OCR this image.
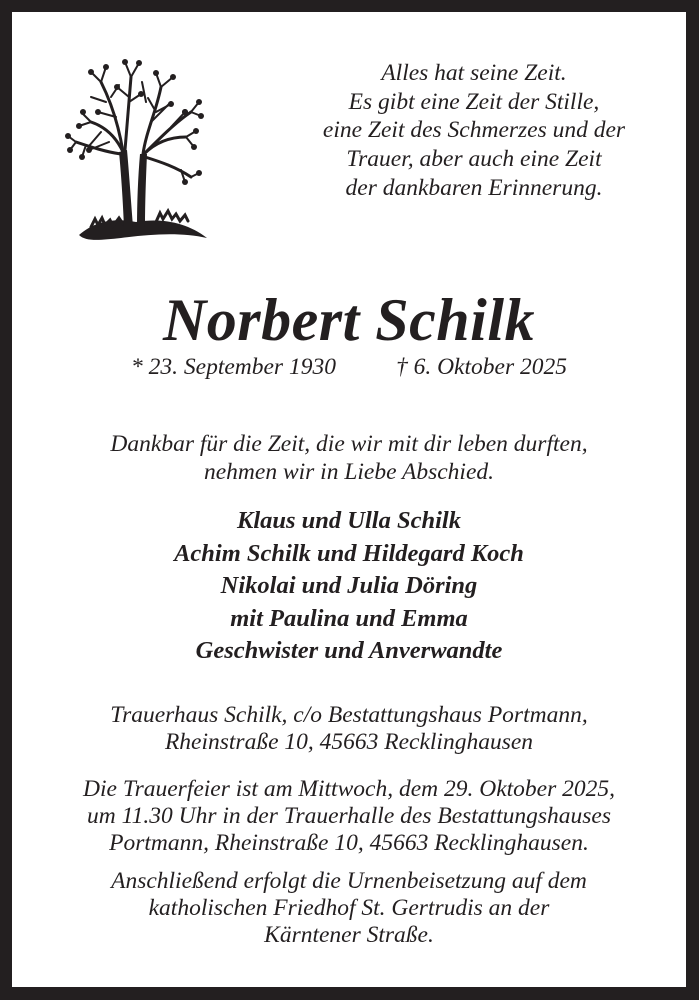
Alles hat seine Zeit.
Es gibt eine Zeit der Stille,
eine Zeit des Schmerzes und der
Trauer, aber auch eine Zeit
der dankbaren Erinnerung.
Norbert Schilk
* 23. September 1930	† 6. Oktober 2025
Dankbar für die Zeit, die wir mit dir leben durften,
nehmen wir in Liebe Abschied.
Klaus und Ulla Schilk
Achim Schilk und Hildegard Koch
Nikolai und Julia Döring
mit Paulina und Emma
Geschwister und Anverwandte
Trauerhaus Schilk, c/o Bestattungshaus Portmann,
Rheinstraße 10, 45663 Recklinghausen
Die Trauerfeier ist am Mittwoch, dem 29. Oktober 2025,
um 11.30 Uhr in der Trauerhalle des Bestattungshauses
Portmann, Rheinstraße 10, 45663 Recklinghausen.
Anschließend erfolgt die Urnenbeisetzung auf dem
katholischen Friedhof St. Gertrudis an der
Kärntener Straße.
